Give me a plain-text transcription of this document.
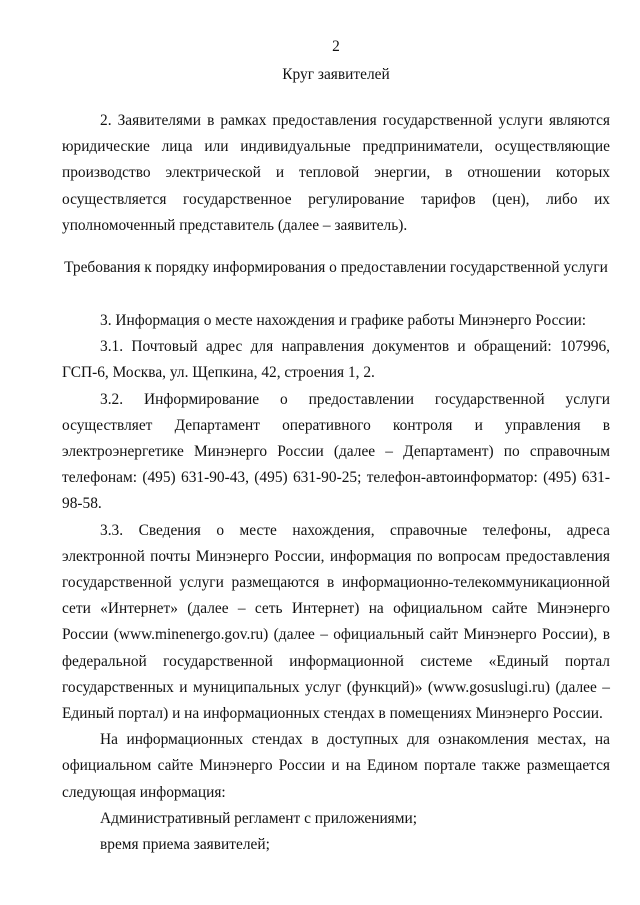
2

Круг заявителей

2. Заявителями в рамках предоставления государственной услуги являются юридические лица или индивидуальные предприниматели, осуществляющие производство электрической и тепловой энергии, в отношении которых осуществляется государственное регулирование тарифов (цен), либо их уполномоченный представитель (далее – заявитель).

Требования к порядку информирования о предоставлении государственной услуги

3. Информация о месте нахождения и графике работы Минэнерго России:

3.1. Почтовый адрес для направления документов и обращений: 107996, ГСП-6, Москва, ул. Щепкина, 42, строения 1, 2.

3.2. Информирование о предоставлении государственной услуги осуществляет Департамент оперативного контроля и управления в электроэнергетике Минэнерго России (далее – Департамент) по справочным телефонам: (495) 631-90-43, (495) 631-90-25; телефон-автоинформатор: (495) 631-98-58.

3.3. Сведения о месте нахождения, справочные телефоны, адреса электронной почты Минэнерго России, информация по вопросам предоставления государственной услуги размещаются в информационно-телекоммуникационной сети «Интернет» (далее – сеть Интернет) на официальном сайте Минэнерго России (www.minenergo.gov.ru) (далее – официальный сайт Минэнерго России), в федеральной государственной информационной системе «Единый портал государственных и муниципальных услуг (функций)» (www.gosuslugi.ru) (далее – Единый портал) и на информационных стендах в помещениях Минэнерго России.

На информационных стендах в доступных для ознакомления местах, на официальном сайте Минэнерго России и на Едином портале также размещается следующая информация:

Административный регламент с приложениями;

время приема заявителей;
